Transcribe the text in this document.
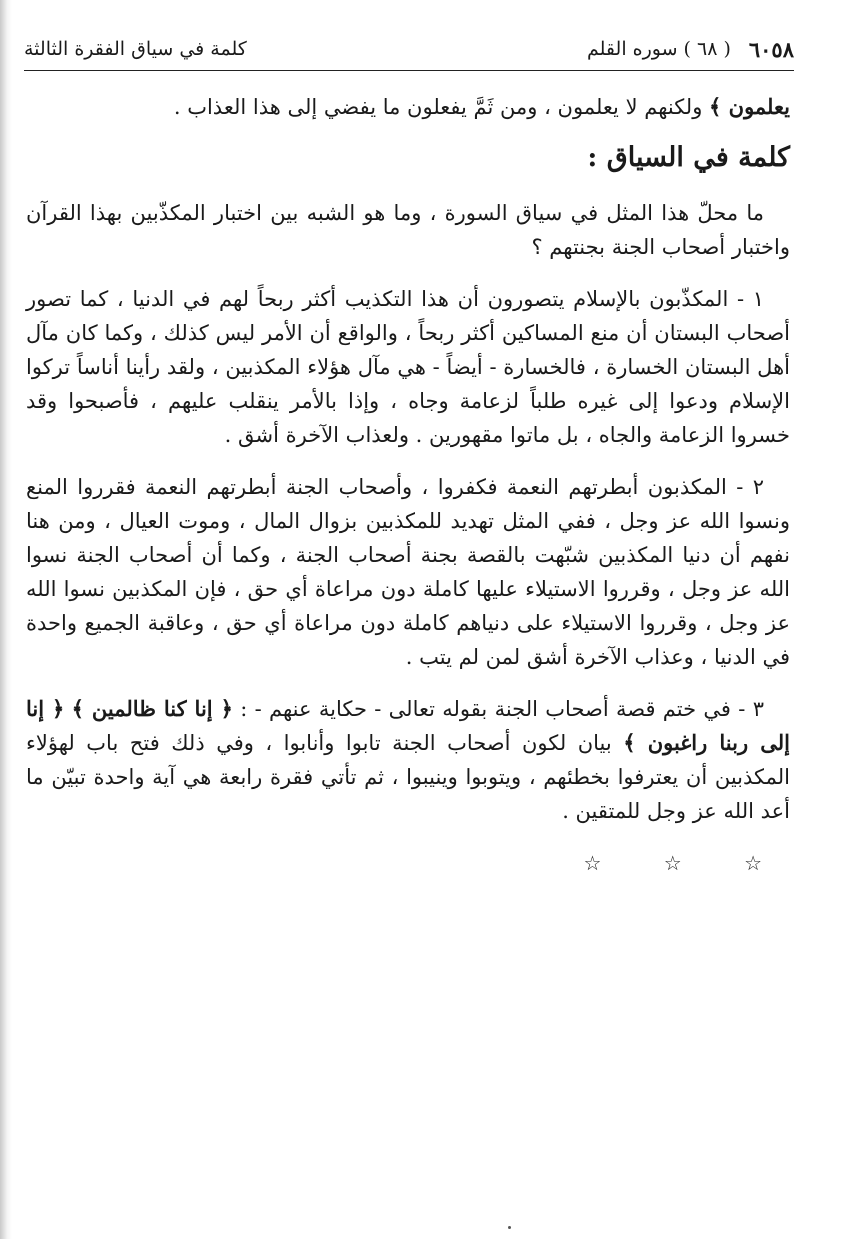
٦٠٥٨
( ٦٨ ) سوره القلم
كلمة في سياق الفقرة الثالثة

يعلمون ﴾ ولكنهم لا يعلمون ، ومن ثَمَّ يفعلون ما يفضي إلى هذا العذاب .

كلمة في السياق :

ما محلّ هذا المثل في سياق السورة ، وما هو الشبه بين اختبار المكذّبين بهذا القرآن واختبار أصحاب الجنة بجنتهم ؟

١ - المكذّبون بالإسلام يتصورون أن هذا التكذيب أكثر ربحاً لهم في الدنيا ، كما تصور أصحاب البستان أن منع المساكين أكثر ربحاً ، والواقع أن الأمر ليس كذلك ، وكما كان مآل أهل البستان الخسارة ، فالخسارة - أيضاً - هي مآل هؤلاء المكذبين ، ولقد رأينا أناساً تركوا الإسلام ودعوا إلى غيره طلباً لزعامة وجاه ، وإذا بالأمر ينقلب عليهم ، فأصبحوا وقد خسروا الزعامة والجاه ، بل ماتوا مقهورين . ولعذاب الآخرة أشق .

٢ - المكذبون أبطرتهم النعمة فكفروا ، وأصحاب الجنة أبطرتهم النعمة فقرروا المنع ونسوا الله عز وجل ، ففي المثل تهديد للمكذبين بزوال المال ، وموت العيال ، ومن هنا نفهم أن دنيا المكذبين شبّهت بالقصة بجنة أصحاب الجنة ، وكما أن أصحاب الجنة نسوا الله عز وجل ، وقرروا الاستيلاء عليها كاملة دون مراعاة أي حق ، فإن المكذبين نسوا الله عز وجل ، وقرروا الاستيلاء على دنياهم كاملة دون مراعاة أي حق ، وعاقبة الجميع واحدة في الدنيا ، وعذاب الآخرة أشق لمن لم يتب .

٣ - في ختم قصة أصحاب الجنة بقوله تعالى - حكاية عنهم - : ﴿ إنا كنا ظالمين ﴾ ﴿ إنا إلى ربنا راغبون ﴾ بيان لكون أصحاب الجنة تابوا وأنابوا ، وفي ذلك فتح باب لهؤلاء المكذبين أن يعترفوا بخطئهم ، ويتوبوا وينيبوا ، ثم تأتي فقرة رابعة هي آية واحدة تبيّن ما أعد الله عز وجل للمتقين .

☆	☆	☆
